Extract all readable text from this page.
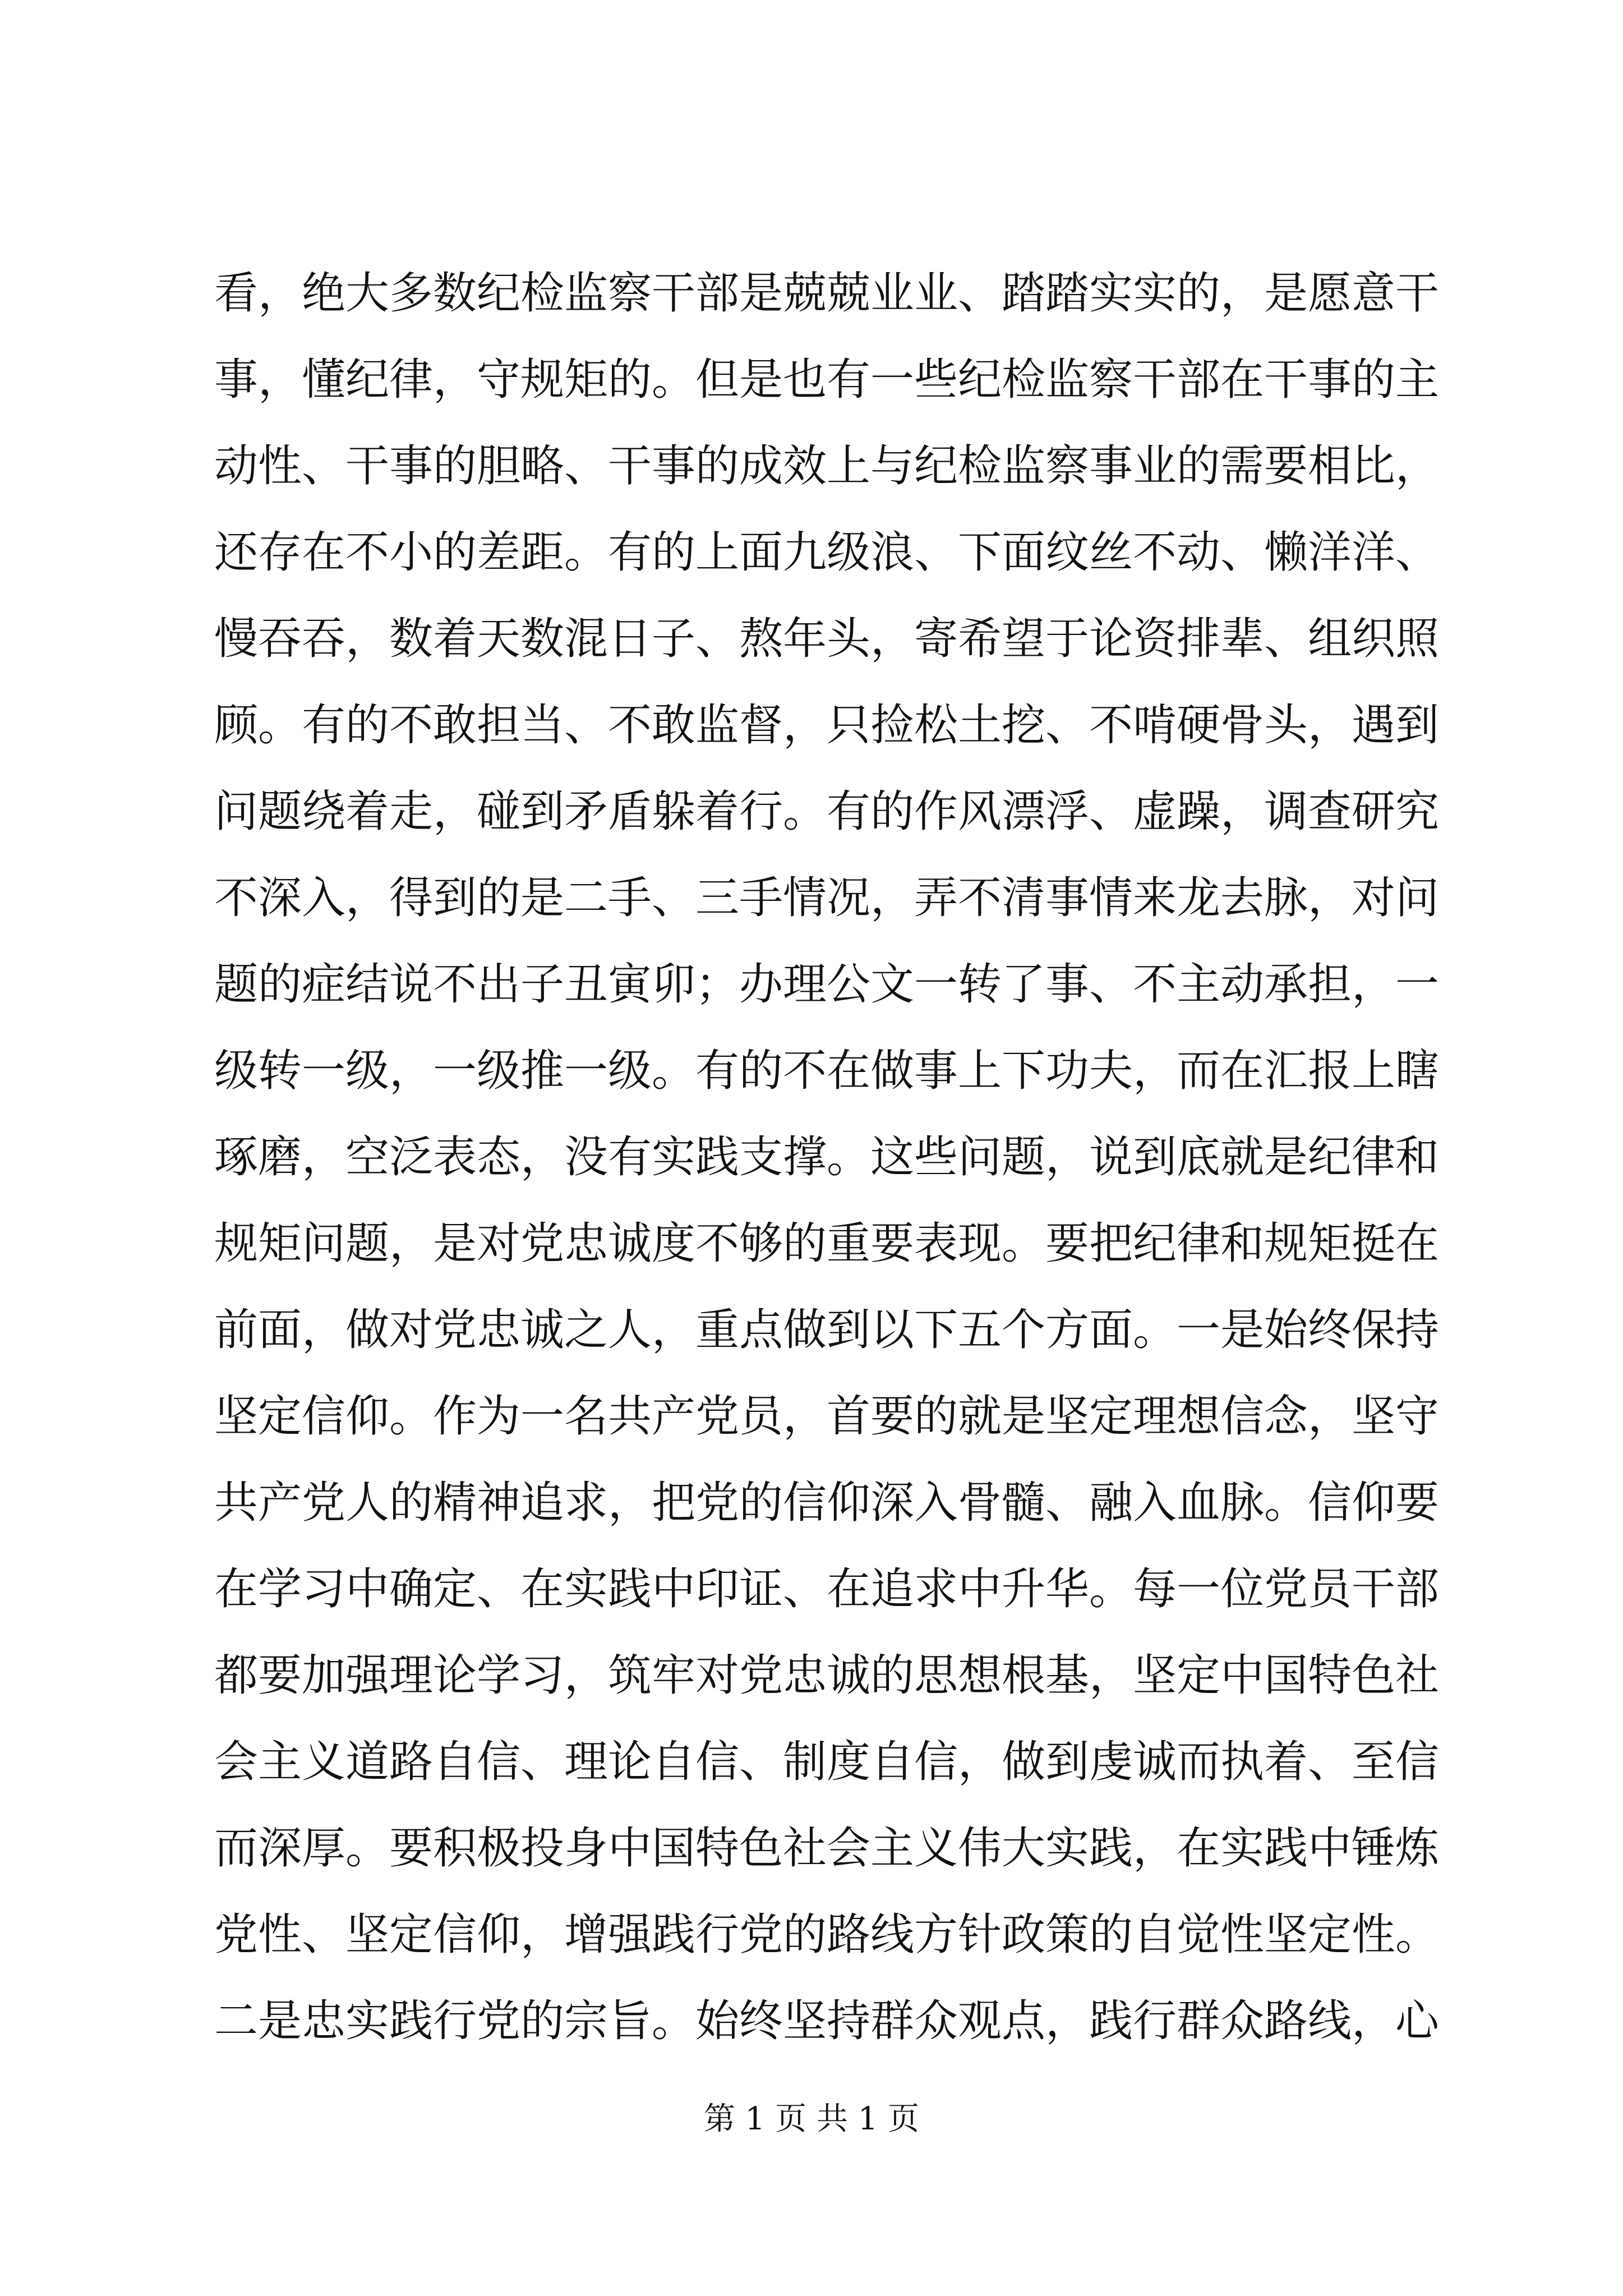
看，绝大多数纪检监察干部是兢兢业业、踏踏实实的，是愿意干
事，懂纪律，守规矩的。但是也有一些纪检监察干部在干事的主
动性、干事的胆略、干事的成效上与纪检监察事业的需要相比，
还存在不小的差距。有的上面九级浪、下面纹丝不动、懒洋洋、
慢吞吞，数着天数混日子、熬年头，寄希望于论资排辈、组织照
顾。有的不敢担当、不敢监督，只捡松土挖、不啃硬骨头，遇到
问题绕着走，碰到矛盾躲着行。有的作风漂浮、虚躁，调查研究
不深入，得到的是二手、三手情况，弄不清事情来龙去脉，对问
题的症结说不出子丑寅卯；办理公文一转了事、不主动承担，一
级转一级，一级推一级。有的不在做事上下功夫，而在汇报上瞎
琢磨，空泛表态，没有实践支撑。这些问题，说到底就是纪律和
规矩问题，是对党忠诚度不够的重要表现。要把纪律和规矩挺在
前面，做对党忠诚之人，重点做到以下五个方面。一是始终保持
坚定信仰。作为一名共产党员，首要的就是坚定理想信念，坚守
共产党人的精神追求，把党的信仰深入骨髓、融入血脉。信仰要
在学习中确定、在实践中印证、在追求中升华。每一位党员干部
都要加强理论学习，筑牢对党忠诚的思想根基，坚定中国特色社
会主义道路自信、理论自信、制度自信，做到虔诚而执着、至信
而深厚。要积极投身中国特色社会主义伟大实践，在实践中锤炼
党性、坚定信仰，增强践行党的路线方针政策的自觉性坚定性。
二是忠实践行党的宗旨。始终坚持群众观点，践行群众路线，心
第 1 页 共 1 页
